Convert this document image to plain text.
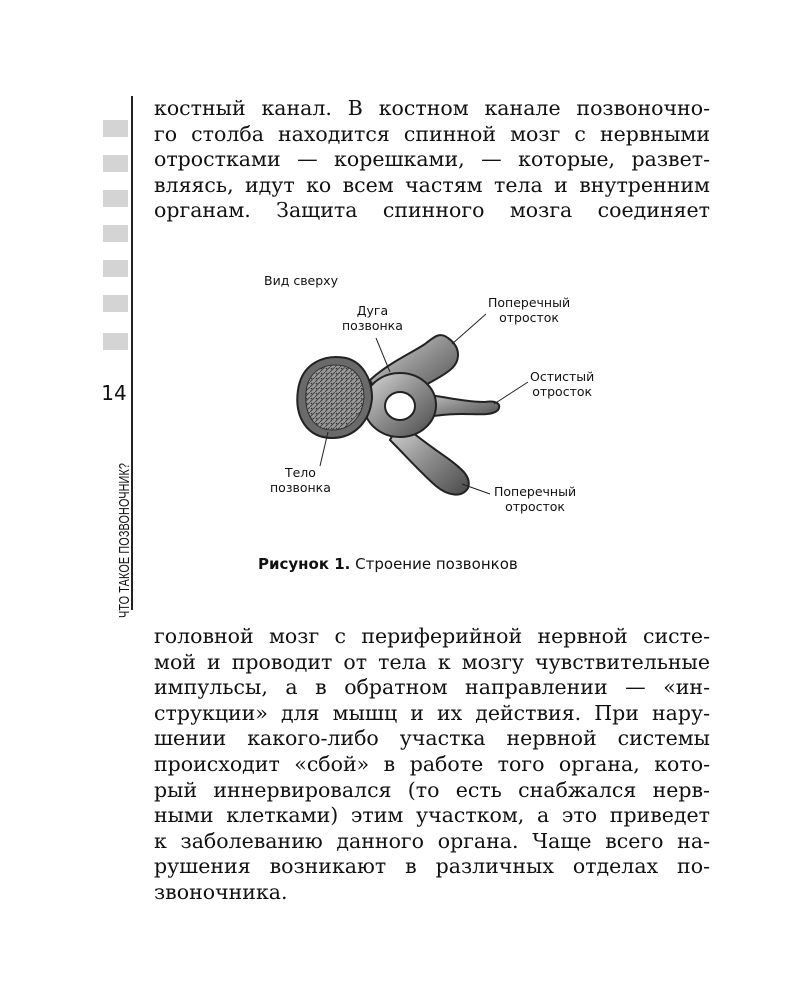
14
ЧТО ТАКОЕ ПОЗВОНОЧНИК?
костный канал. В костном канале позвоночно-
го столба находится спинной мозг с нервными
отростками — корешками, — которые, развет-
вляясь, идут ко всем частям тела и внутренним
органам. Защита спинного мозга соединяет
Вид сверху
Дуга
позвонка
Поперечный
отросток
Остистый
отросток
Тело
позвонка	Поперечный
отросток
Рисунок 1. Строение позвонков
головной мозг с периферийной нервной систе-
мой и проводит от тела к мозгу чувствительные
импульсы, а в обратном направлении — «ин-
струкции» для мышц и их действия. При нару-
шении какого-либо участка нервной системы
происходит «сбой» в работе того органа, кото-
рый иннервировался (то есть снабжался нерв-
ными клетками) этим участком, а это приведет
к заболеванию данного органа. Чаще всего на-
рушения возникают в различных отделах по-
звоночника.
